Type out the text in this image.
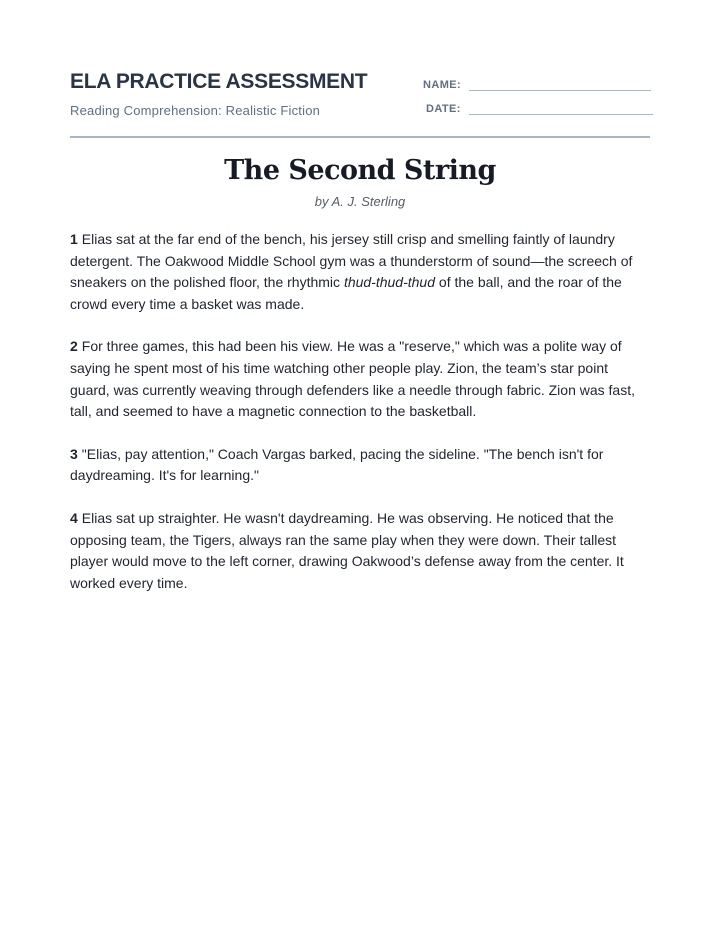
ELA PRACTICE ASSESSMENT
Reading Comprehension: Realistic Fiction
NAME:
DATE:
The Second String
by A. J. Sterling

1 Elias sat at the far end of the bench, his jersey still crisp and smelling faintly of laundry detergent. The Oakwood Middle School gym was a thunderstorm of sound—the screech of sneakers on the polished floor, the rhythmic thud-thud-thud of the ball, and the roar of the crowd every time a basket was made.

2 For three games, this had been his view. He was a "reserve," which was a polite way of saying he spent most of his time watching other people play. Zion, the team’s star point guard, was currently weaving through defenders like a needle through fabric. Zion was fast, tall, and seemed to have a magnetic connection to the basketball.

3 "Elias, pay attention," Coach Vargas barked, pacing the sideline. "The bench isn't for daydreaming. It's for learning."

4 Elias sat up straighter. He wasn't daydreaming. He was observing. He noticed that the opposing team, the Tigers, always ran the same play when they were down. Their tallest player would move to the left corner, drawing Oakwood’s defense away from the center. It worked every time.
